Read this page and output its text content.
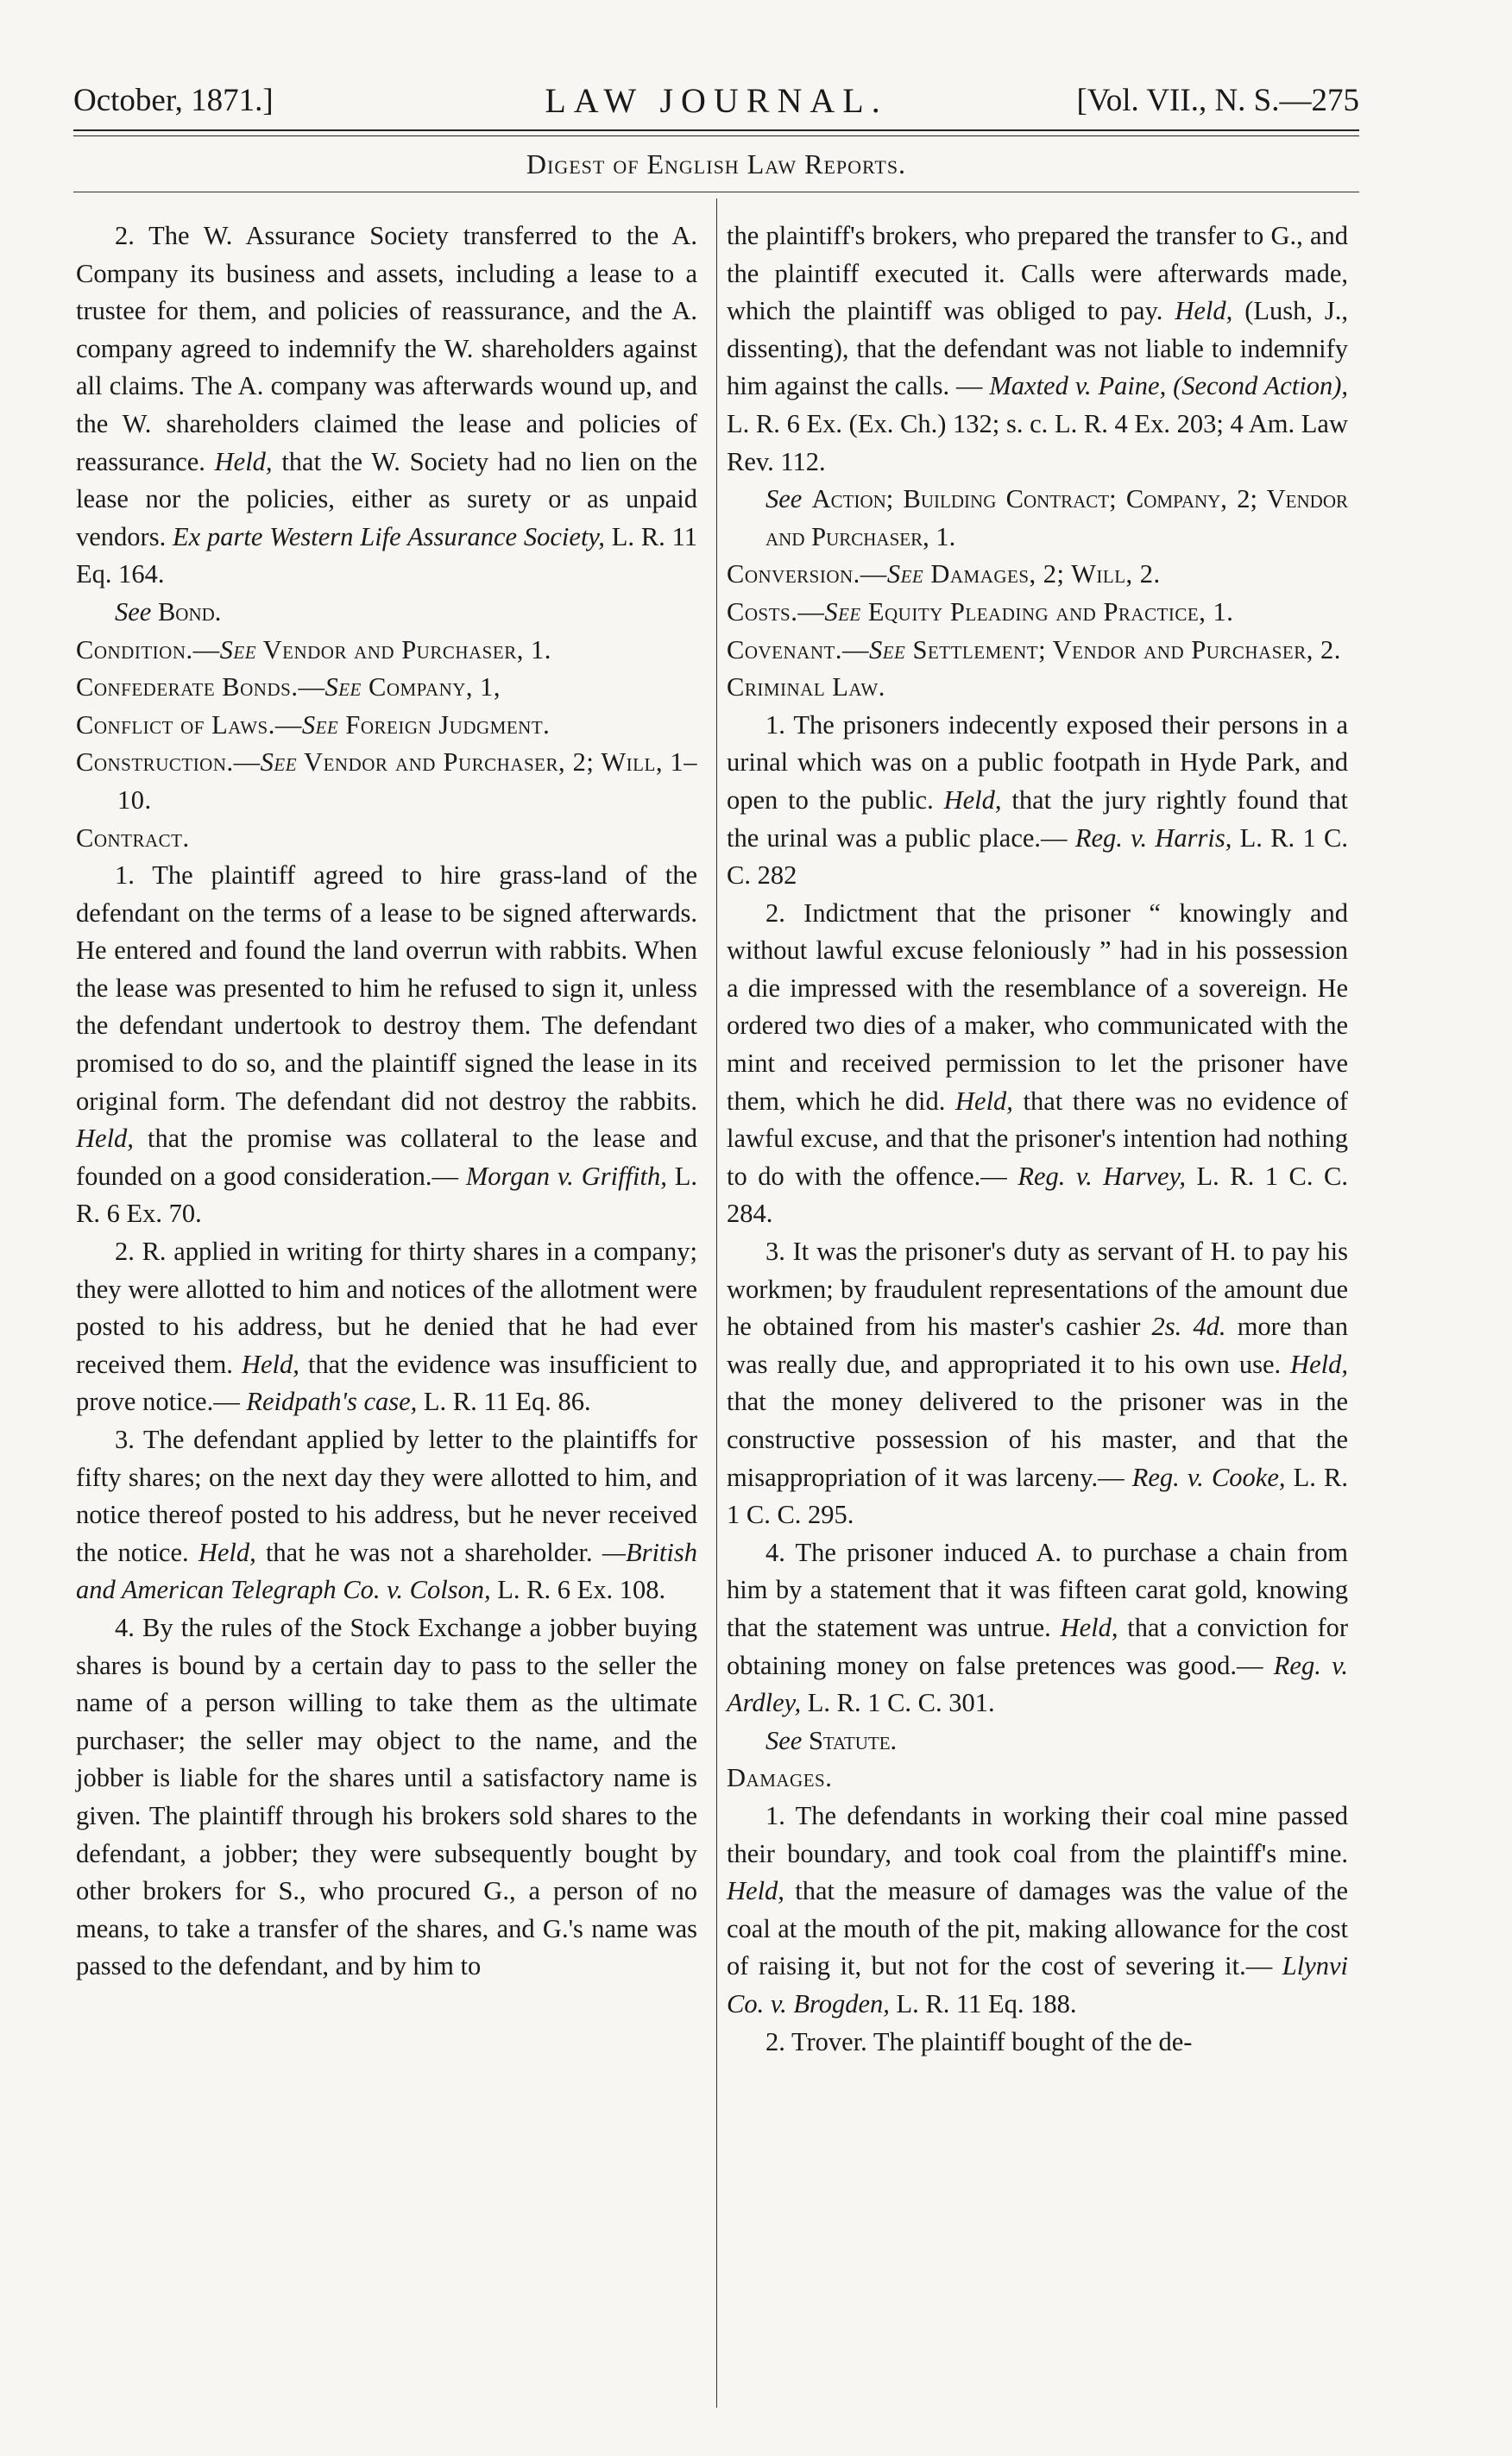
October, 1871.]	LAW JOURNAL.	[Vol. VII., N. S.—275
Digest of English Law Reports.

2. The W. Assurance Society transferred to the A. Company its business and assets, including a lease to a trustee for them, and policies of reassurance, and the A. company agreed to indemnify the W. shareholders against all claims. The A. company was afterwards wound up, and the W. shareholders claimed the lease and policies of reassurance. Held, that the W. Society had no lien on the lease nor the policies, either as surety or as unpaid vendors. Ex parte Western Life Assurance Society, L. R. 11 Eq. 164.

See Bond.

Condition.—See Vendor and Purchaser, 1.

Confederate Bonds.—See Company, 1,

Conflict of Laws.—See Foreign Judgment.

Construction.—See Vendor and Purchaser, 2; Will, 1–10.

Contract.

1. The plaintiff agreed to hire grass-land of the defendant on the terms of a lease to be signed afterwards. He entered and found the land overrun with rabbits. When the lease was presented to him he refused to sign it, unless the defendant undertook to destroy them. The defendant promised to do so, and the plaintiff signed the lease in its original form. The defendant did not destroy the rabbits. Held, that the promise was collateral to the lease and founded on a good consideration.— Morgan v. Griffith, L. R. 6 Ex. 70.

2. R. applied in writing for thirty shares in a company; they were allotted to him and notices of the allotment were posted to his address, but he denied that he had ever received them. Held, that the evidence was insufficient to prove notice.— Reidpath's case, L. R. 11 Eq. 86.

3. The defendant applied by letter to the plaintiffs for fifty shares; on the next day they were allotted to him, and notice thereof posted to his address, but he never received the notice. Held, that he was not a shareholder. —British and American Telegraph Co. v. Colson, L. R. 6 Ex. 108.

4. By the rules of the Stock Exchange a jobber buying shares is bound by a certain day to pass to the seller the name of a person willing to take them as the ultimate purchaser; the seller may object to the name, and the jobber is liable for the shares until a satisfactory name is given. The plaintiff through his brokers sold shares to the defendant, a jobber; they were subsequently bought by other brokers for S., who procured G., a person of no means, to take a transfer of the shares, and G.'s name was passed to the defendant, and by him to

the plaintiff's brokers, who prepared the transfer to G., and the plaintiff executed it. Calls were afterwards made, which the plaintiff was obliged to pay. Held, (Lush, J., dissenting), that the defendant was not liable to indemnify him against the calls. — Maxted v. Paine, (Second Action), L. R. 6 Ex. (Ex. Ch.) 132; s. c. L. R. 4 Ex. 203; 4 Am. Law Rev. 112.

See Action; Building Contract; Company, 2; Vendor and Purchaser, 1.

Conversion.—See Damages, 2; Will, 2.

Costs.—See Equity Pleading and Practice, 1.

Covenant.—See Settlement; Vendor and Purchaser, 2.

Criminal Law.

1. The prisoners indecently exposed their persons in a urinal which was on a public footpath in Hyde Park, and open to the public. Held, that the jury rightly found that the urinal was a public place.— Reg. v. Harris, L. R. 1 C. C. 282

2. Indictment that the prisoner “ knowingly and without lawful excuse feloniously ” had in his possession a die impressed with the resemblance of a sovereign. He ordered two dies of a maker, who communicated with the mint and received permission to let the prisoner have them, which he did. Held, that there was no evidence of lawful excuse, and that the prisoner's intention had nothing to do with the offence.— Reg. v. Harvey, L. R. 1 C. C. 284.

3. It was the prisoner's duty as servant of H. to pay his workmen; by fraudulent representations of the amount due he obtained from his master's cashier 2s. 4d. more than was really due, and appropriated it to his own use. Held, that the money delivered to the prisoner was in the constructive possession of his master, and that the misappropriation of it was larceny.— Reg. v. Cooke, L. R. 1 C. C. 295.

4. The prisoner induced A. to purchase a chain from him by a statement that it was fifteen carat gold, knowing that the statement was untrue. Held, that a conviction for obtaining money on false pretences was good.— Reg. v. Ardley, L. R. 1 C. C. 301.

See Statute.

Damages.

1. The defendants in working their coal mine passed their boundary, and took coal from the plaintiff's mine. Held, that the measure of damages was the value of the coal at the mouth of the pit, making allowance for the cost of raising it, but not for the cost of severing it.— Llynvi Co. v. Brogden, L. R. 11 Eq. 188.

2. Trover. The plaintiff bought of the de-
